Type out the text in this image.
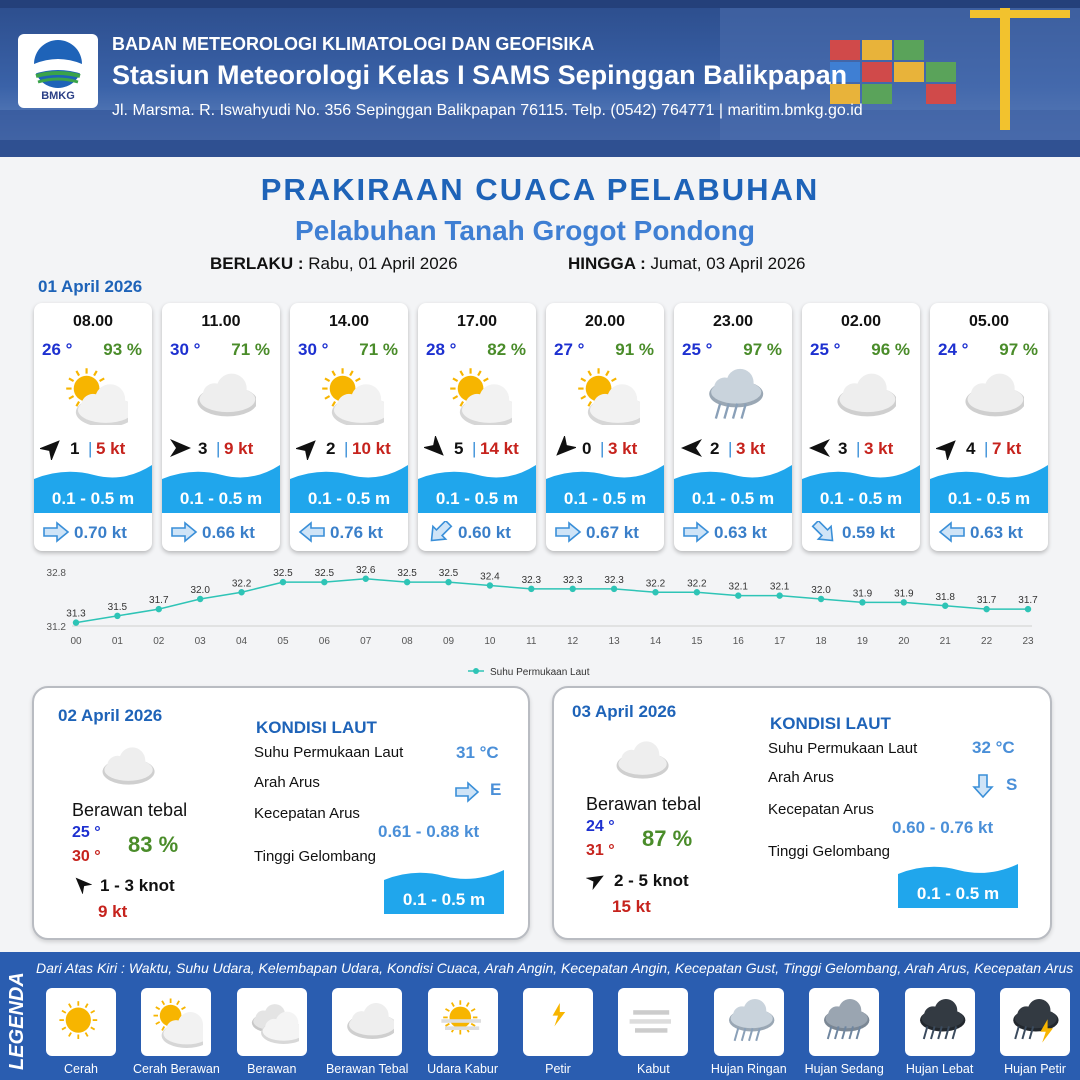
BMKG
BADAN METEOROLOGI KLIMATOLOGI DAN GEOFISIKA
Stasiun Meteorologi Kelas I SAMS Sepinggan Balikpapan
Jl. Marsma. R. Iswahyudi No. 356 Sepinggan Balikpapan 76115. Telp. (0542) 764771 | maritim.bmkg.go.id
PRAKIRAAN CUACA PELABUHAN
Pelabuhan Tanah Grogot Pondong
BERLAKU : Rabu, 01 April 2026	HINGGA : Jumat, 03 April 2026
01 April 2026
08.00
26 ° 93 %
1 | 5 kt
0.1 - 0.5 m
0.70 kt
11.00
30 ° 71 %
3 | 9 kt
0.1 - 0.5 m
0.66 kt
14.00
30 ° 71 %
2 | 10 kt
0.1 - 0.5 m
0.76 kt
17.00
28 ° 82 %
5 | 14 kt
0.1 - 0.5 m
0.60 kt
20.00
27 ° 91 %
0 | 3 kt
0.1 - 0.5 m
0.67 kt
23.00
25 ° 97 %
2 | 3 kt
0.1 - 0.5 m
0.63 kt
02.00
25 ° 96 %
3 | 3 kt
0.1 - 0.5 m
0.59 kt
05.00
24 ° 97 %
4 | 7 kt
0.1 - 0.5 m
0.63 kt
32.8
31.2
31.3
00
31.5
01
31.7
02
32.0
03
32.2
04
32.5
05
32.5
06
32.6
07
32.5
08
32.5
09
32.4
10
32.3
11
32.3
12
32.3
13
32.2
14
32.2
15
32.1
16
32.1
17
32.0
18
31.9
19
31.9
20
31.8
21
31.7
22
31.7
23
Suhu Permukaan Laut
02 April 2026
Berawan tebal
25 °
30 ° 83 %
1 - 3 knot
9 kt
KONDISI LAUT
Suhu Permukaan Laut	31 °C
Arah Arus	E
Kecepatan Arus
0.61 - 0.88 kt
Tinggi Gelombang
0.1 - 0.5 m
03 April 2026
Berawan tebal
24 °
31 ° 87 %
2 - 5 knot
15 kt
KONDISI LAUT
Suhu Permukaan Laut	32 °C
Arah Arus	S
Kecepatan Arus
0.60 - 0.76 kt
Tinggi Gelombang
0.1 - 0.5 m
LEGENDA
Dari Atas Kiri : Waktu, Suhu Udara, Kelembapan Udara, Kondisi Cuaca, Arah Angin, Kecepatan Angin, Kecepatan Gust, Tinggi Gelombang, Arah Arus, Kecepatan Arus
Cerah	Cerah Berawan	Berawan	Berawan Tebal	Udara Kabur	Petir	Kabut	Hujan Ringan	Hujan Sedang	Hujan Lebat	Hujan Petir
